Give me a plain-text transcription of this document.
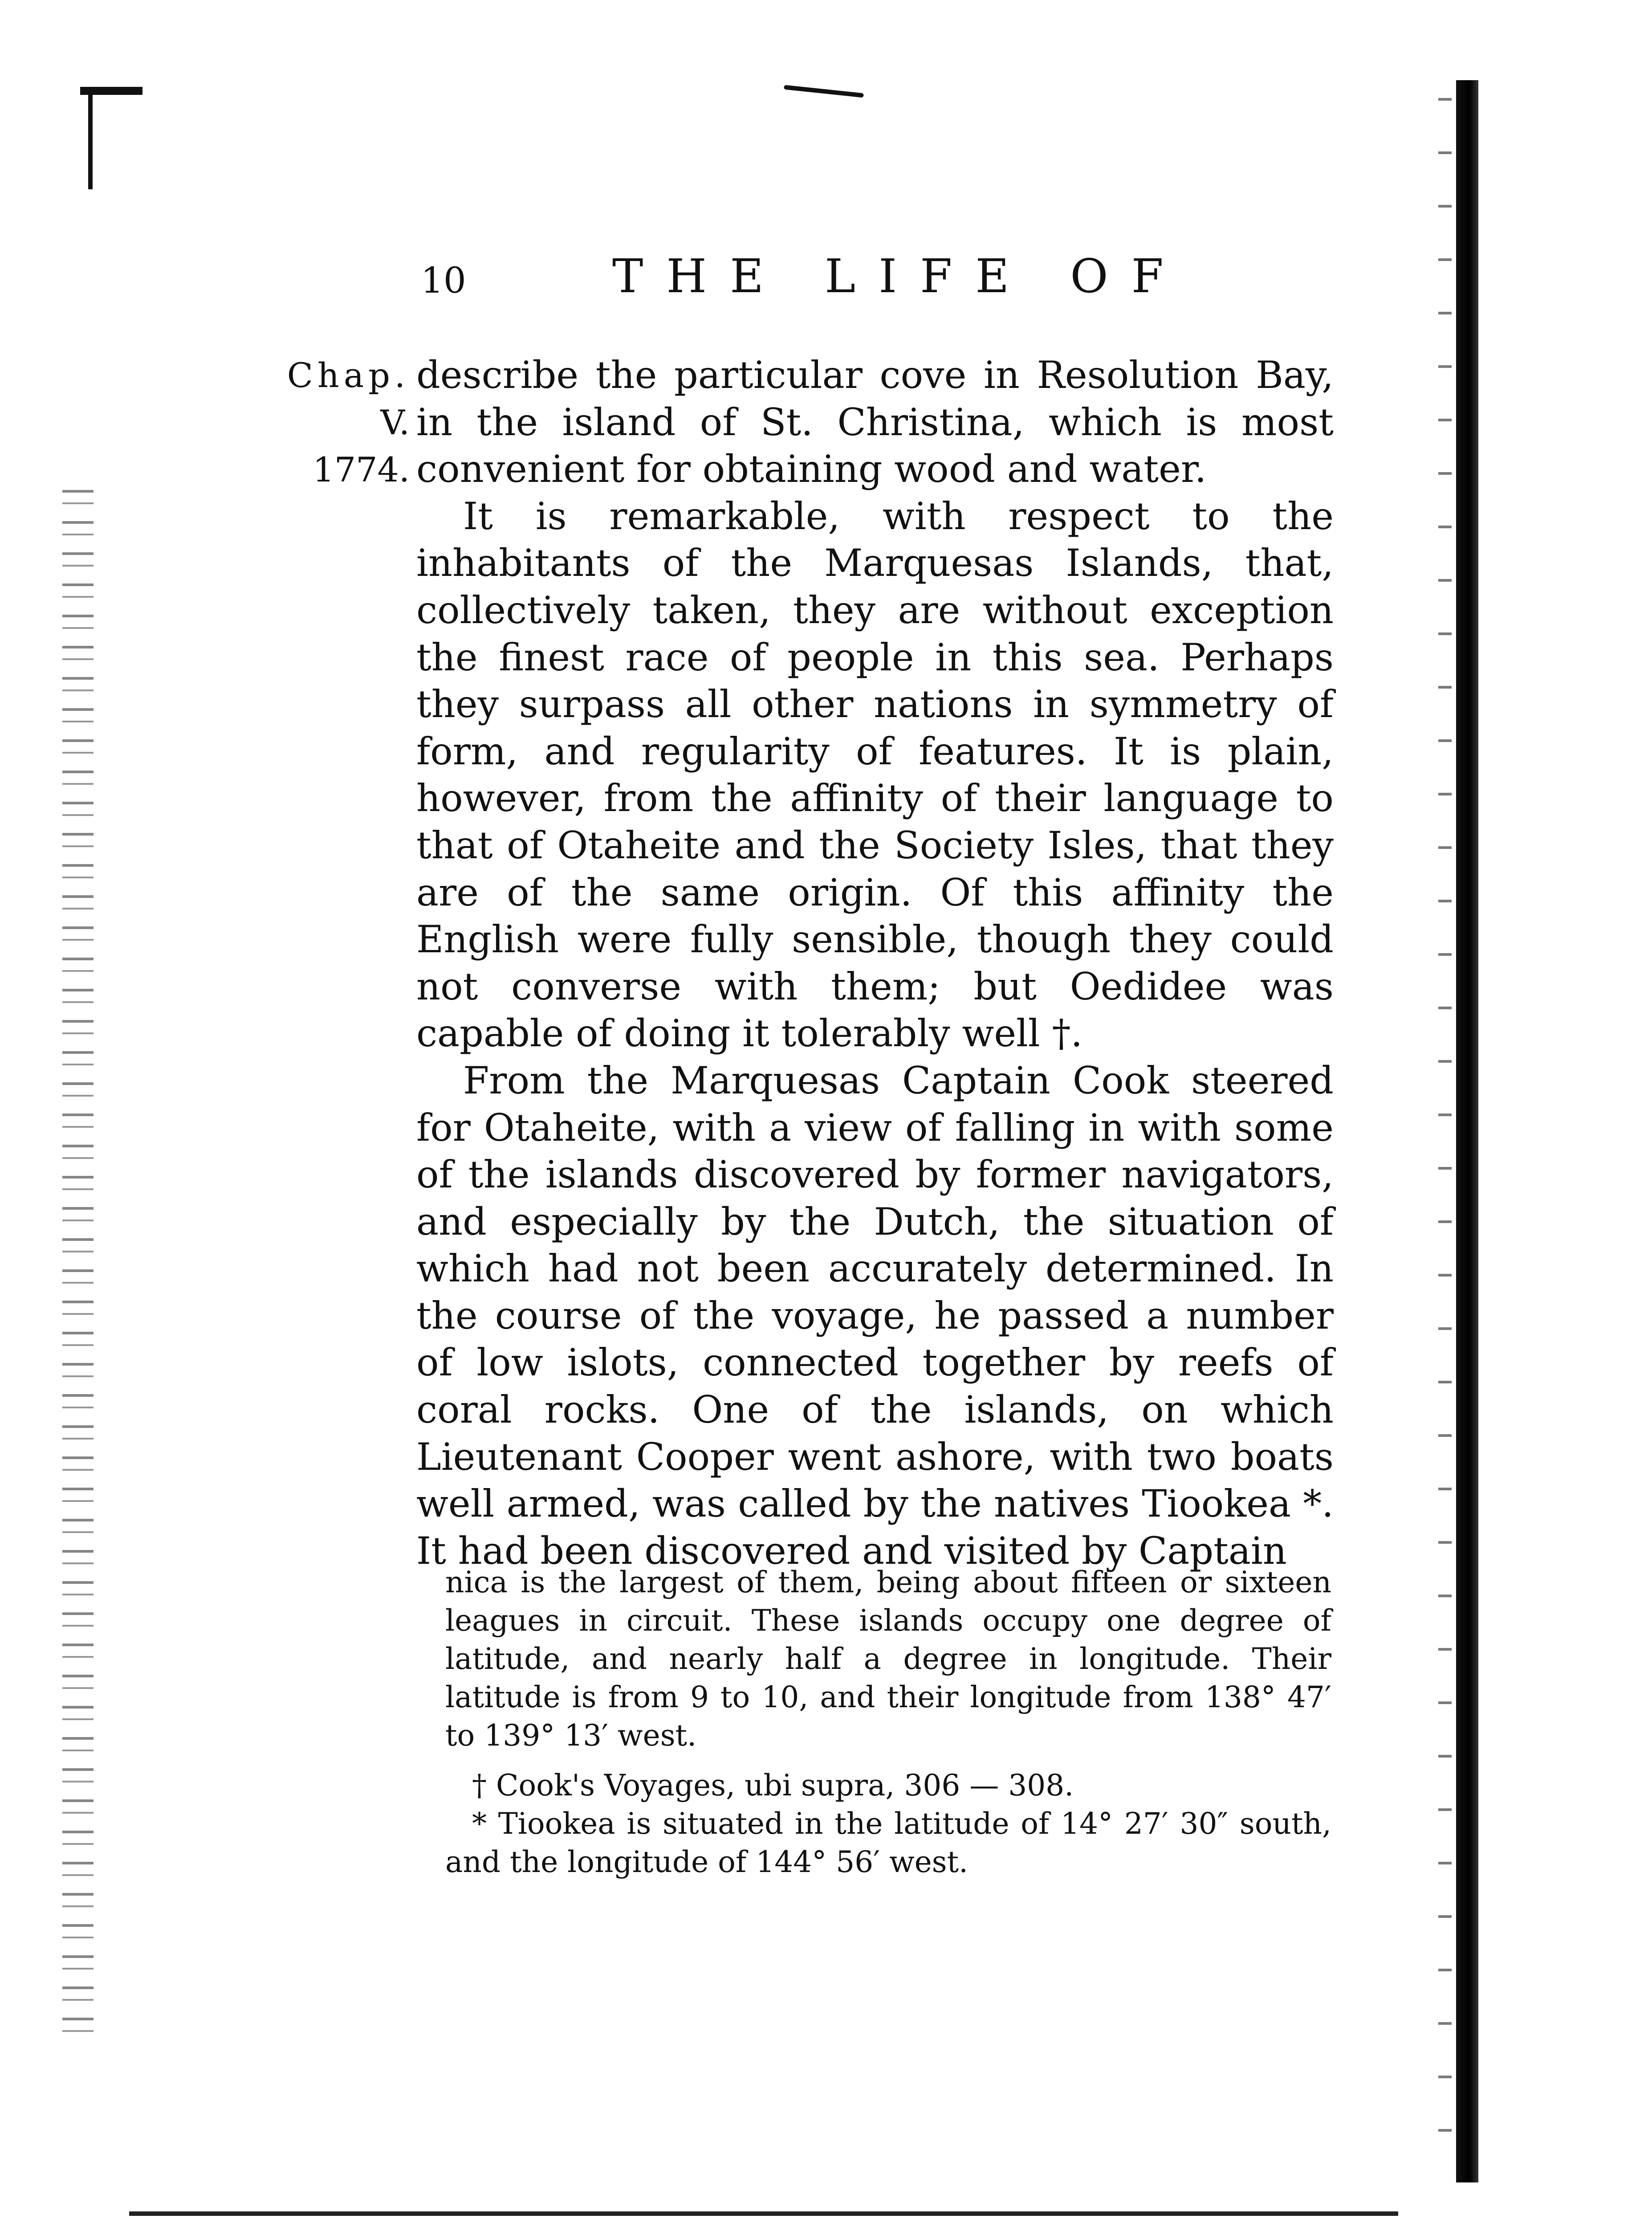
10	THE LIFE OF
Chap.
V.
1774.

describe the particular cove in Resolution Bay, in the island of St. Christina, which is most convenient for obtaining wood and water.

It is remarkable, with respect to the inhabitants of the Marquesas Islands, that, collectively taken, they are without exception the finest race of people in this sea. Perhaps they surpass all other nations in symmetry of form, and regularity of features. It is plain, however, from the affinity of their language to that of Otaheite and the Society Isles, that they are of the same origin. Of this affinity the English were fully sensible, though they could not converse with them; but Oedidee was capable of doing it tolerably well †.

From the Marquesas Captain Cook steered for Otaheite, with a view of falling in with some of the islands discovered by former navigators, and especially by the Dutch, the situation of which had not been accurately determined. In the course of the voyage, he passed a number of low islots, connected together by reefs of coral rocks. One of the islands, on which Lieutenant Cooper went ashore, with two boats well armed, was called by the natives Tiookea *. It had been discovered and visited by Captain

nica is the largest of them, being about fifteen or sixteen leagues in circuit. These islands occupy one degree of latitude, and nearly half a degree in longitude. Their latitude is from 9 to 10, and their longitude from 138° 47′ to 139° 13′ west.

† Cook's Voyages, ubi supra, 306 — 308.

* Tiookea is situated in the latitude of 14° 27′ 30″ south, and the longitude of 144° 56′ west.
